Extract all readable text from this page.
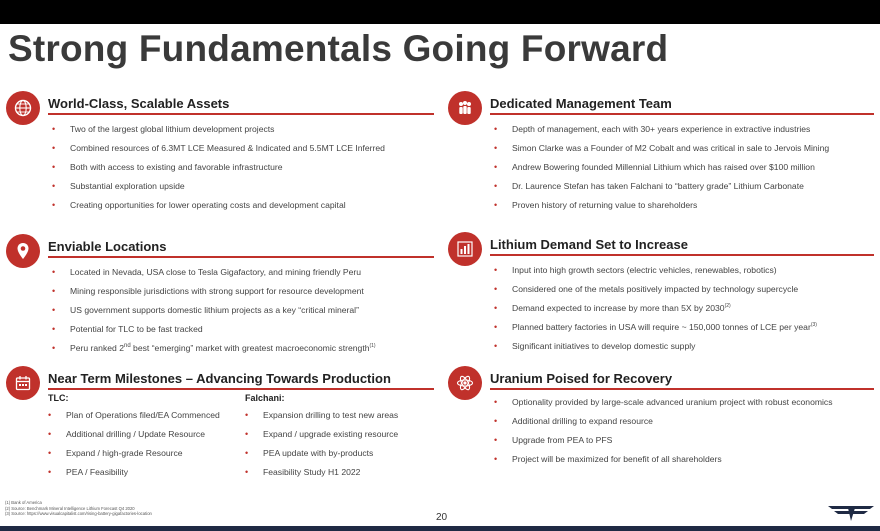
Strong Fundamentals Going Forward
World-Class, Scalable Assets
• Two of the largest global lithium development projects
• Combined resources of 6.3MT LCE Measured & Indicated and 5.5MT LCE Inferred
• Both with access to existing and favorable infrastructure
• Substantial exploration upside
• Creating opportunities for lower operating costs and development capital
Dedicated Management Team
• Depth of management, each with 30+ years experience in extractive industries
• Simon Clarke was a Founder of M2 Cobalt and was critical in sale to Jervois Mining
• Andrew Bowering founded Millennial Lithium which has raised over $100 million
• Dr. Laurence Stefan has taken Falchani to “battery grade” Lithium Carbonate
• Proven history of returning value to shareholders
Enviable Locations
• Located in Nevada, USA close to Tesla Gigafactory, and mining friendly Peru
• Mining responsible jurisdictions with strong support for resource development
• US government supports domestic lithium projects as a key “critical mineral”
• Potential for TLC to be fast tracked
• Peru ranked 2nd best “emerging” market with greatest macroeconomic strength$^{(1)}$
Lithium Demand Set to Increase
• Input into high growth sectors (electric vehicles, renewables, robotics)
• Considered one of the metals positively impacted by technology supercycle
• Demand expected to increase by more than 5X by 2030$^{(2)}$
• Planned battery factories in USA will require ~ 150,000 tonnes of LCE per year$^{(3)}$
• Significant initiatives to develop domestic supply
Near Term Milestones – Advancing Towards Production
TLC:
• Plan of Operations filed/EA Commenced
• Additional drilling / Update Resource
• Expand / high-grade Resource
• PEA / Feasibility
Falchani:
• Expansion drilling to test new areas
• Expand / upgrade existing resource
• PEA update with by-products
• Feasibility Study H1 2022
Uranium Poised for Recovery
• Optionality provided by large-scale advanced uranium project with robust economics
• Additional drilling to expand resource
• Upgrade from PEA to PFS
• Project will be maximized for benefit of all shareholders
(1) Bank of America
(2) Source: Benchmark Mineral Intelligence Lithium Forecast Q4 2020
(3) Source: https://www.visualcapitalist.com/rising-battery-gigafactories-location	20
